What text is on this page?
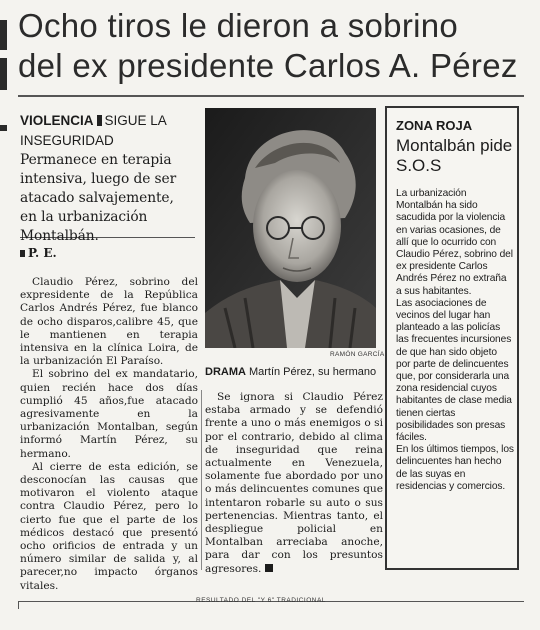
Ocho tiros le dieron a sobrino
del ex presidente Carlos A. Pérez
VIOLENCIA SIGUE LA INSEGURIDAD Permanece en terapia intensiva, luego de ser atacado salvajemente, en la urbanización Montalbán.
P. E.

Claudio Pérez, sobrino del expresidente de la República Carlos Andrés Pérez, fue blanco de ocho disparos,calibre 45, que le mantienen en terapia intensiva en la clínica Loira, de la urbanización El Paraíso.

El sobrino del ex mandatario, quien recién hace dos días cumplió 45 años,fue atacado agresivamente en la urbanización Montalban, según informó Martín Pérez, su hermano.

Al cierre de esta edición, se desconocían las causas que motivaron el violento ataque contra Claudio Pérez, pero lo cierto fue que el parte de los médicos destacó que presentó ocho orificios de entrada y un número similar de salida y, al parecer,no impacto órganos vitales.

RAMÓN GARCÍA
DRAMA Martín Pérez, su hermano

Se ignora si Claudio Pérez estaba armado y se defendió frente a uno o más enemigos o si por el contrario, debido al clima de inseguridad que reina actualmente en Venezuela, solamente fue abordado por uno o más delincuentes comunes que intentaron robarle su auto o sus pertenencias. Mientras tanto, el despliegue policial en Montalban arreciaba anoche, para dar con los presuntos agresores.

ZONA ROJA
Montalbán pide S.O.S

La urbanización Montalbán ha sido sacudida por la violencia en varias ocasiones, de allí que lo ocurrido con Claudio Pérez, sobrino del ex presidente Carlos Andrés Pérez no extraña a sus habitantes.

Las asociaciones de vecinos del lugar han planteado a las policías las frecuentes incursiones de que han sido objeto por parte de delincuentes que, por considerarla una zona residencial cuyos habitantes de clase media tienen ciertas posibilidades son presas fáciles.

En los últimos tiempos, los delincuentes han hecho de las suyas en residencias y comercios.

RESULTADO DEL "Y 6" TRADICIONAL
